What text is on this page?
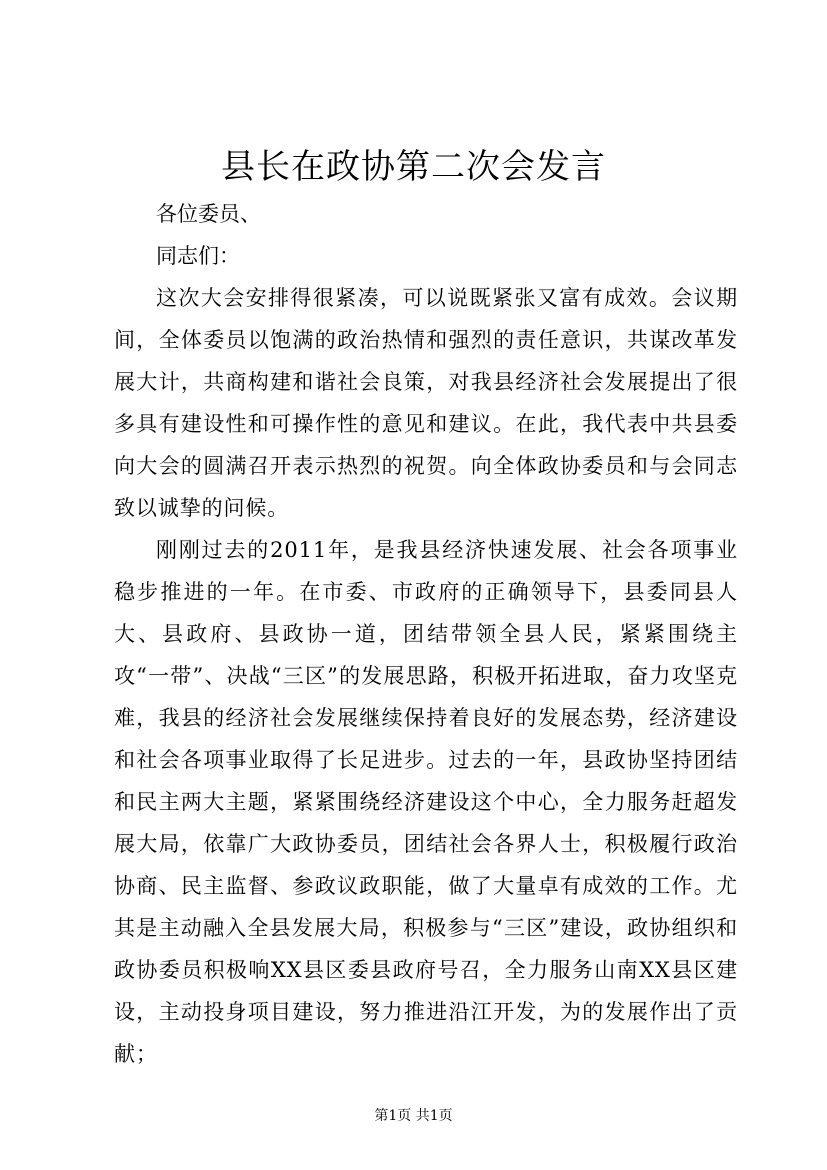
县长在政协第二次会发言

各位委员、

同志们：

这次大会安排得很紧凑，可以说既紧张又富有成效。会议期间，全体委员以饱满的政治热情和强烈的责任意识，共谋改革发展大计，共商构建和谐社会良策，对我县经济社会发展提出了很多具有建设性和可操作性的意见和建议。在此，我代表中共县委向大会的圆满召开表示热烈的祝贺。向全体政协委员和与会同志致以诚挚的问候。

刚刚过去的2011年，是我县经济快速发展、社会各项事业稳步推进的一年。在市委、市政府的正确领导下，县委同县人大、县政府、县政协一道，团结带领全县人民，紧紧围绕主攻“一带”、决战“三区”的发展思路，积极开拓进取，奋力攻坚克难，我县的经济社会发展继续保持着良好的发展态势，经济建设和社会各项事业取得了长足进步。过去的一年，县政协坚持团结和民主两大主题，紧紧围绕经济建设这个中心，全力服务赶超发展大局，依靠广大政协委员，团结社会各界人士，积极履行政治协商、民主监督、参政议政职能，做了大量卓有成效的工作。尤其是主动融入全县发展大局，积极参与“三区”建设，政协组织和政协委员积极响XX县区委县政府号召，全力服务山南XX县区建设，主动投身项目建设，努力推进沿江开发，为的发展作出了贡献；

第1页 共1页
